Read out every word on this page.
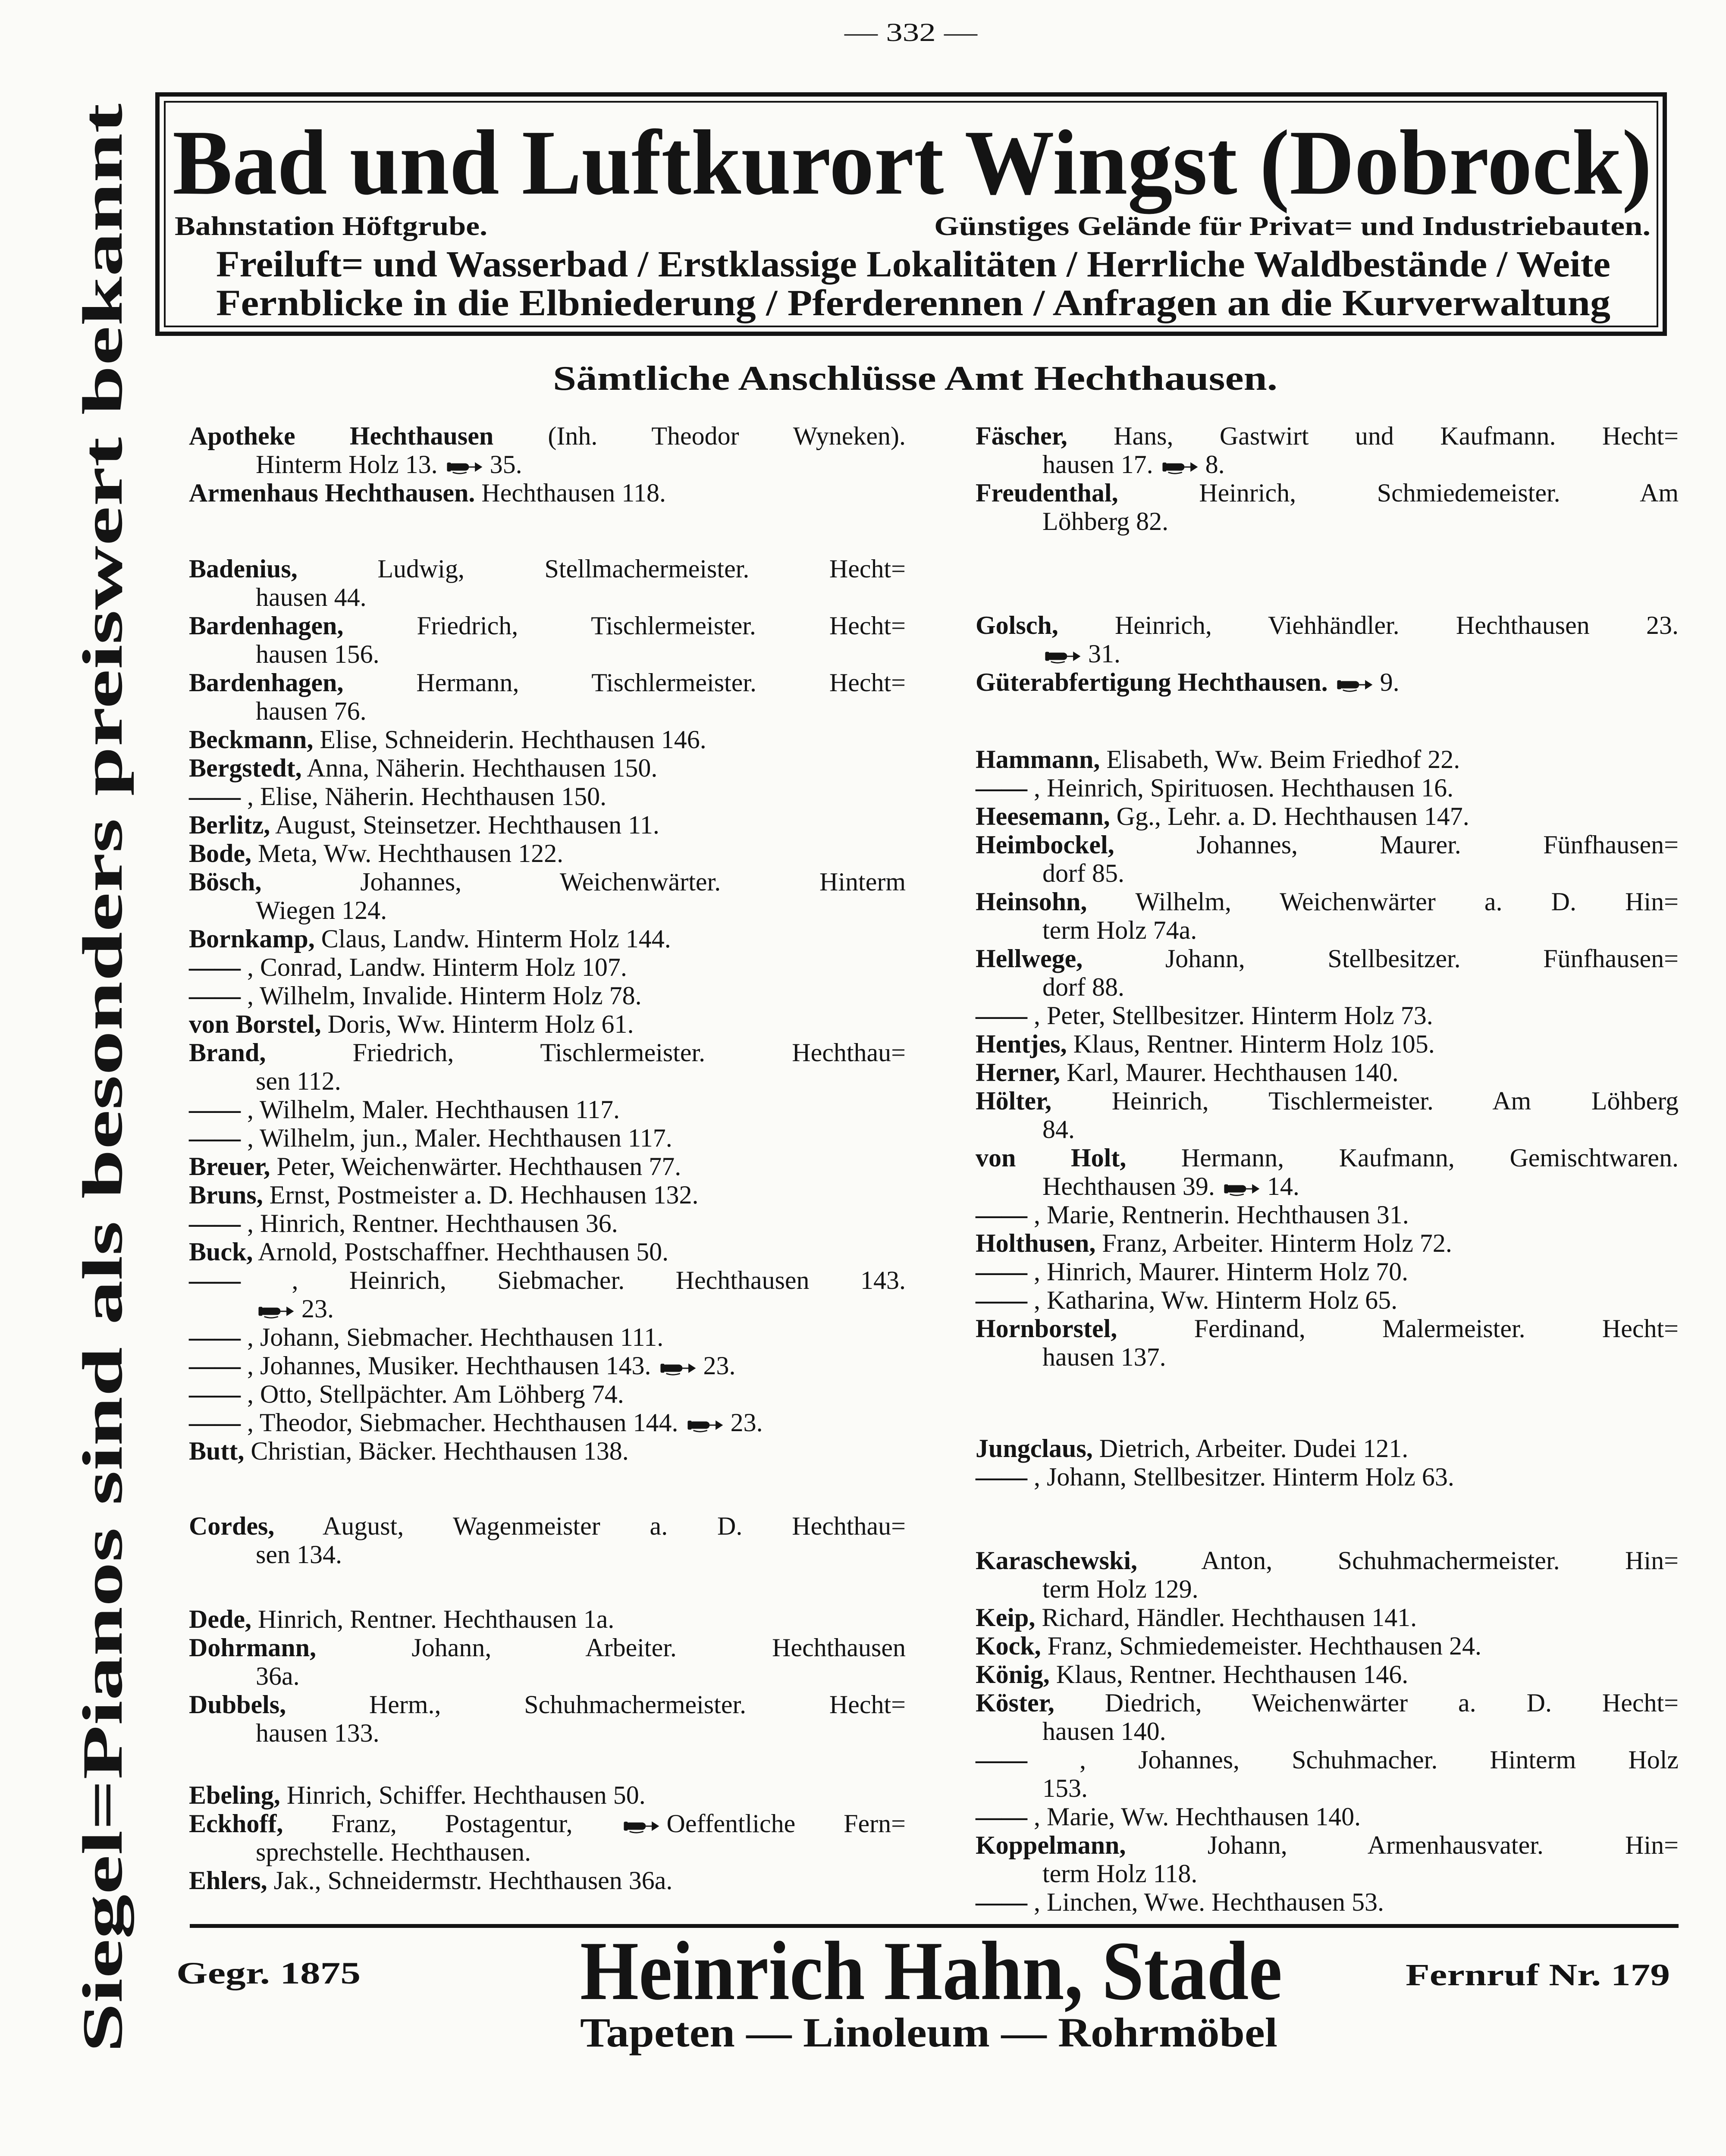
— 332 —
Siegel=Pianos sind als besonders preiswert bekannt
Bad und Luftkurort Wingst (Dobrock)
Bahnstation Höftgrube.	Günstiges Gelände für Privat= und Industriebauten.
Freiluft= und Wasserbad / Erstklassige Lokalitäten / Herrliche Waldbestände / Weite
Fernblicke in die Elbniederung / Pferderennen / Anfragen an die Kurverwaltung
Sämtliche Anschlüsse Amt Hechthausen.
Gegr. 1875	Heinrich Hahn, Stade	Fernruf Nr. 179
Tapeten — Linoleum — Rohrmöbel
Apotheke Hechthausen (Inh. Theodor Wyneken).
Hinterm Holz 13. 35.
Armenhaus Hechthausen. Hechthausen 118.
Badenius,	Ludwig, Stellmachermeister. Hecht=
hausen 44.
Bardenhagen,	Friedrich, Tischlermeister. Hecht=
hausen 156.
Bardenhagen,	Hermann, Tischlermeister. Hecht=
hausen 76.
Beckmann, Elise, Schneiderin. Hechthausen 146.
Bergstedt, Anna, Näherin. Hechthausen 150.
—— , Elise, Näherin. Hechthausen 150.
Berlitz, August, Steinsetzer. Hechthausen 11.
Bode, Meta, Ww. Hechthausen 122.
Bösch,	Johannes, Weichenwärter. Hinterm
Wiegen 124.
Bornkamp, Claus, Landw. Hinterm Holz 144.
—— , Conrad, Landw. Hinterm Holz 107.
—— , Wilhelm, Invalide. Hinterm Holz 78.
von Borstel, Doris, Ww. Hinterm Holz 61.
Brand,	Friedrich, Tischlermeister. Hechthau=
sen 112.
—— , Wilhelm, Maler. Hechthausen 117.
—— , Wilhelm, jun., Maler. Hechthausen 117.
Breuer, Peter, Weichenwärter. Hechthausen 77.
Bruns, Ernst, Postmeister a. D. Hechhausen 132.
—— , Hinrich, Rentner. Hechthausen 36.
Buck, Arnold, Postschaffner. Hechthausen 50.
—— , Heinrich, Siebmacher. Hechthausen 143.
23.
—— , Johann, Siebmacher. Hechthausen 111.
—— , Johannes, Musiker. Hechthausen 143. 23.
—— , Otto, Stellpächter. Am Löhberg 74.
—— , Theodor, Siebmacher. Hechthausen 144. 23.
Butt, Christian, Bäcker. Hechthausen 138.
Cordes, August, Wagenmeister a. D. Hechthau=
sen 134.
Dede, Hinrich, Rentner. Hechthausen 1a.
Dohrmann,	Johann, Arbeiter. Hechthausen
36a.
Dubbels,	Herm., Schuhmachermeister. Hecht=
hausen 133.
Ebeling, Hinrich, Schiffer. Hechthausen 50.
Eckhoff, Franz, Postagentur,	Oeffentliche Fern=
sprechstelle. Hechthausen.
Ehlers, Jak., Schneidermstr. Hechthausen 36a.
Fäscher, Hans, Gastwirt und Kaufmann. Hecht=
hausen 17. 8.
Freudenthal,	Heinrich, Schmiedemeister. Am
Löhberg 82.
Golsch, Heinrich, Viehhändler. Hechthausen 23.
31.
Güterabfertigung Hechthausen. 9.
Hammann, Elisabeth, Ww. Beim Friedhof 22.
—— , Heinrich, Spirituosen. Hechthausen 16.
Heesemann, Gg., Lehr. a. D. Hechthausen 147.
Heimbockel,	Johannes, Maurer. Fünfhausen=
dorf 85.
Heinsohn, Wilhelm, Weichenwärter a. D. Hin=
term Holz 74a.
Hellwege,	Johann, Stellbesitzer. Fünfhausen=
dorf 88.
—— , Peter, Stellbesitzer. Hinterm Holz 73.
Hentjes, Klaus, Rentner. Hinterm Holz 105.
Herner, Karl, Maurer. Hechthausen 140.
Hölter, Heinrich, Tischlermeister. Am Löhberg
84.
von Holt, Hermann, Kaufmann, Gemischtwaren.
Hechthausen 39. 14.
—— , Marie, Rentnerin. Hechthausen 31.
Holthusen, Franz, Arbeiter. Hinterm Holz 72.
—— , Hinrich, Maurer. Hinterm Holz 70.
—— , Katharina, Ww. Hinterm Holz 65.
Hornborstel,	Ferdinand, Malermeister. Hecht=
hausen 137.
Jungclaus, Dietrich, Arbeiter. Dudei 121.
—— , Johann, Stellbesitzer. Hinterm Holz 63.
Karaschewski, Anton, Schuhmachermeister. Hin=
term Holz 129.
Keip, Richard, Händler. Hechthausen 141.
Kock, Franz, Schmiedemeister. Hechthausen 24.
König, Klaus, Rentner. Hechthausen 146.
Köster, Diedrich, Weichenwärter a. D. Hecht=
hausen 140.
—— , Johannes, Schuhmacher. Hinterm Holz
153.
—— , Marie, Ww. Hechthausen 140.
Koppelmann,	Johann, Armenhausvater. Hin=
term Holz 118.
—— , Linchen, Wwe. Hechthausen 53.
